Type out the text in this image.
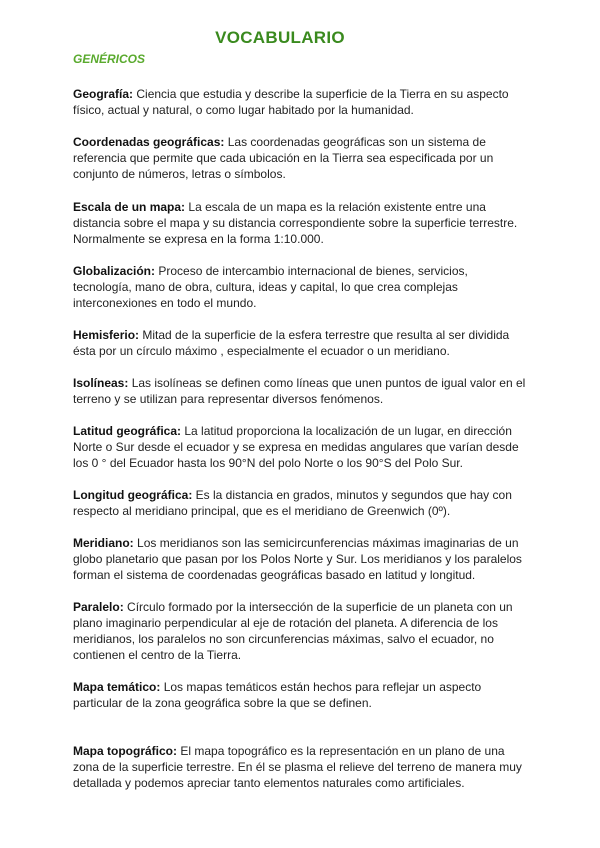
VOCABULARIO
GENÉRICOS
Geografía: Ciencia que estudia y describe la superficie de la Tierra en su aspecto físico, actual y natural, o como lugar habitado por la humanidad.
Coordenadas geográficas: Las coordenadas geográficas son un sistema de referencia que permite que cada ubicación en la Tierra sea especificada por un conjunto de números, letras o símbolos.
Escala de un mapa: La escala de un mapa es la relación existente entre una distancia sobre el mapa y su distancia correspondiente sobre la superficie terrestre. Normalmente se expresa en la forma 1:10.000.
Globalización: Proceso de intercambio internacional de bienes, servicios, tecnología, mano de obra, cultura, ideas y capital, lo que crea complejas interconexiones en todo el mundo.
Hemisferio: Mitad de la superficie de la esfera terrestre que resulta al ser dividida ésta por un círculo máximo , especialmente el ecuador o un meridiano.
Isolíneas: Las isolíneas se definen como líneas que unen puntos de igual valor en el terreno y se utilizan para representar diversos fenómenos.
Latitud geográfica: La latitud proporciona la localización de un lugar, en dirección Norte o Sur desde el ecuador y se expresa en medidas angulares que varían desde los 0 ° del Ecuador hasta los 90°N del polo Norte o los 90°S del Polo Sur.
Longitud geográfica: Es la distancia en grados, minutos y segundos que hay con respecto al meridiano principal, que es el meridiano de Greenwich (0º).
Meridiano: Los meridianos son las semicircunferencias máximas imaginarias de un globo planetario que pasan por los Polos Norte y Sur. Los meridianos y los paralelos forman el sistema de coordenadas geográficas basado en latitud y longitud.
Paralelo: Círculo formado por la intersección de la superficie de un planeta con un plano imaginario perpendicular al eje de rotación del planeta. A diferencia de los meridianos, los paralelos no son circunferencias máximas, salvo el ecuador, no contienen el centro de la Tierra.
Mapa temático: Los mapas temáticos están hechos para reflejar un aspecto particular de la zona geográfica sobre la que se definen.
Mapa topográfico: El mapa topográfico es la representación en un plano de una zona de la superficie terrestre. En él se plasma el relieve del terreno de manera muy detallada y podemos apreciar tanto elementos naturales como artificiales.
